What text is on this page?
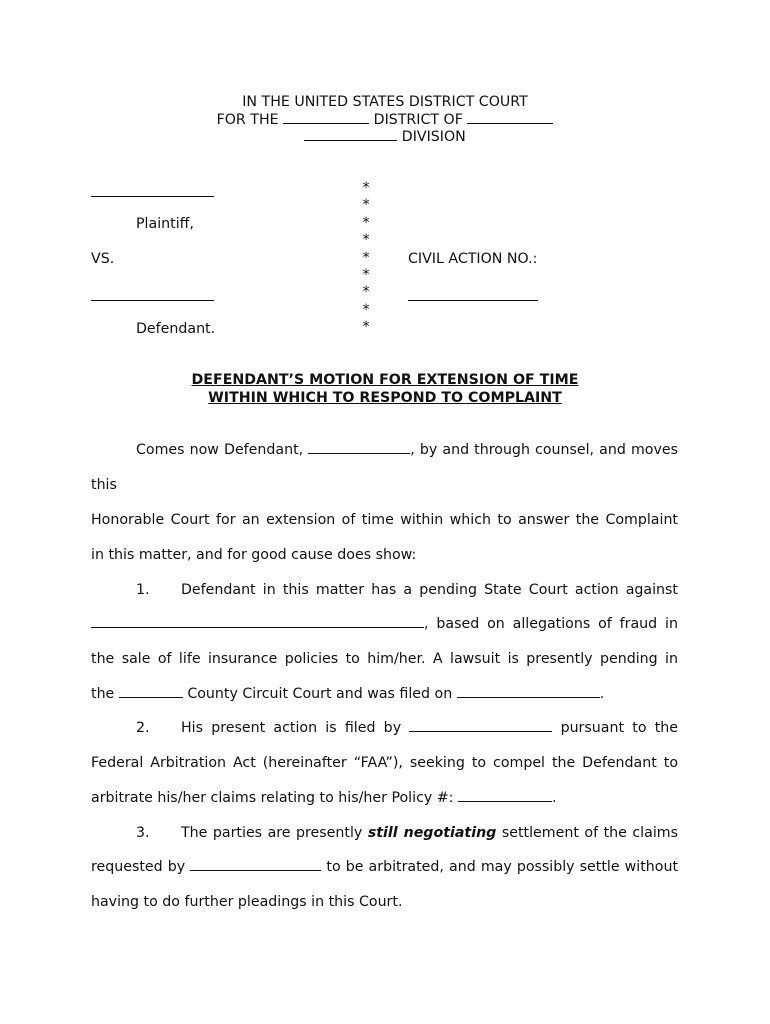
IN THE UNITED STATES DISTRICT COURT
FOR THE	DISTRICT OF
DIVISION
Plaintiff,
VS.
Defendant.
*
*
*
*
*
*
*
*
*
CIVIL ACTION NO.:
DEFENDANT’S MOTION FOR EXTENSION OF TIME
WITHIN WHICH TO RESPOND TO COMPLAINT
Comes now Defendant,	, by and through counsel, and moves
this
Honorable Court for an extension of time within which to answer the Complaint
in this matter, and for good cause does show:
1. Defendant in this matter has a pending State Court action against
, based on allegations of fraud in
the sale of life insurance policies to him/her. A lawsuit is presently pending in
the	County Circuit Court and was filed on	.
2. His present action is filed by	pursuant to the
Federal Arbitration Act (hereinafter “FAA”), seeking to compel the Defendant to
arbitrate his/her claims relating to his/her Policy #:	.
3. The parties are presently still negotiating settlement of the claims
requested by	to be arbitrated, and may possibly settle without
having to do further pleadings in this Court.
